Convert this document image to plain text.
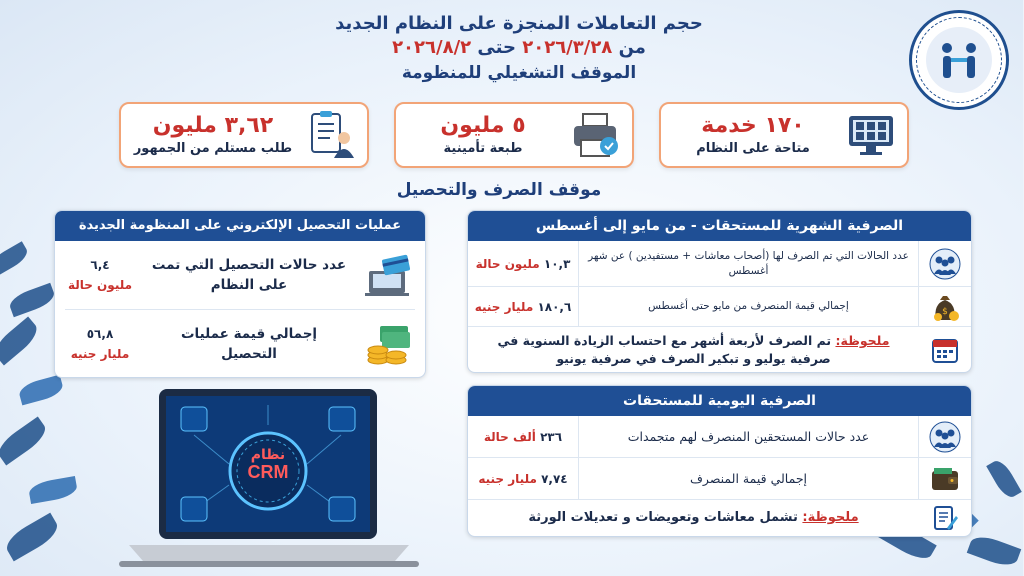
حجم التعاملات المنجزة على النظام الجديد
من ٢٠٢٦/٣/٢٨ حتى ٢٠٢٦/٨/٢
الموقف التشغيلي للمنظومة
١٧٠ خدمة
متاحة على النظام
٥ مليون
طبعة تأمينية
٣,٦٢ مليون
طلب مستلم من الجمهور
موقف الصرف والتحصيل
الصرفية الشهرية للمستحقات - من مايو إلى أغسطس
عدد الحالات التي تم الصرف لها (أصحاب معاشات + مستفيدين ) عن شهر أغسطس
١٠,٣ مليون حالة
$
إجمالي قيمة المنصرف من مايو حتى أغسطس
١٨٠,٦ مليار جنيه
ملحوظة: تم الصرف لأربعة أشهر مع احتساب الزيادة السنوية في صرفية يوليو و تبكير الصرف في صرفية يونيو
الصرفية اليومية للمستحقات
عدد حالات المستحقين المنصرف لهم متجمدات
٢٣٦ ألف حالة
إجمالي قيمة المنصرف
٧,٧٤ مليار جنيه
ملحوظة: تشمل معاشات وتعويضات و تعديلات الورثة
عمليات التحصيل الإلكتروني على المنظومة الجديدة
عدد حالات التحصيل التي تمت على النظام
٦,٤
مليون حالة
إجمالي قيمة عمليات التحصيل
٥٦,٨
مليار جنيه
نظام
CRM
